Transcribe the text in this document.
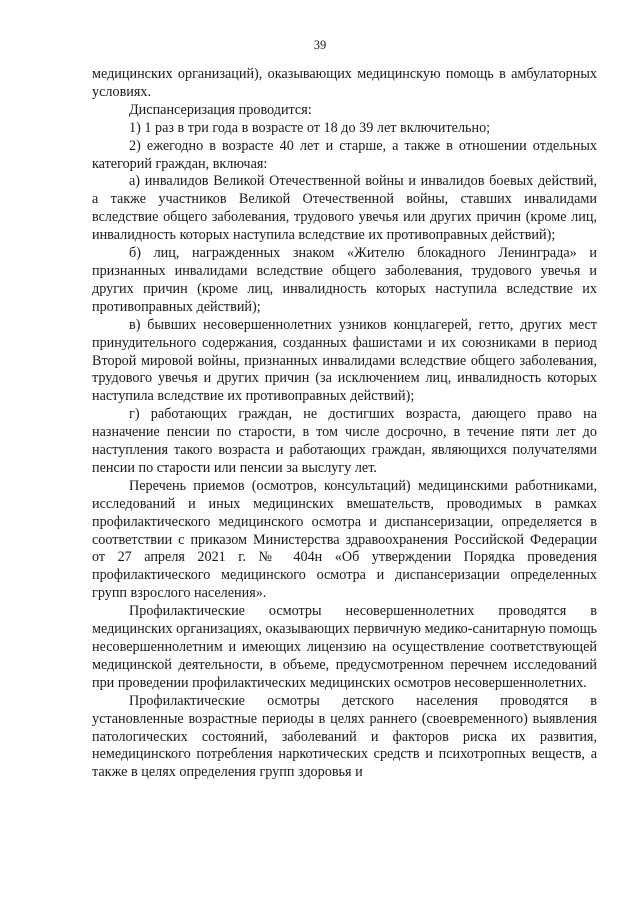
39

медицинских организаций), оказывающих медицинскую помощь в амбулаторных условиях.

Диспансеризация проводится:

1) 1 раз в три года в возрасте от 18 до 39 лет включительно;

2) ежегодно в возрасте 40 лет и старше, а также в отношении отдельных категорий граждан, включая:

а) инвалидов Великой Отечественной войны и инвалидов боевых действий, а также участников Великой Отечественной войны, ставших инвалидами вследствие общего заболевания, трудового увечья или других причин (кроме лиц, инвалидность которых наступила вследствие их противоправных действий);

б) лиц, награжденных знаком «Жителю блокадного Ленинграда» и признанных инвалидами вследствие общего заболевания, трудового увечья и других причин (кроме лиц, инвалидность которых наступила вследствие их противоправных действий);

в) бывших несовершеннолетних узников концлагерей, гетто, других мест принудительного содержания, созданных фашистами и их союзниками в период Второй мировой войны, признанных инвалидами вследствие общего заболевания, трудового увечья и других причин (за исключением лиц, инвалидность которых наступила вследствие их противоправных действий);

г) работающих граждан, не достигших возраста, дающего право на назначение пенсии по старости, в том числе досрочно, в течение пяти лет до наступления такого возраста и работающих граждан, являющихся получателями пенсии по старости или пенсии за выслугу лет.

Перечень приемов (осмотров, консультаций) медицинскими работниками, исследований и иных медицинских вмешательств, проводимых в рамках профилактического медицинского осмотра и диспансеризации, определяется в соответствии с приказом Министерства здравоохранения Российской Федерации от 27 апреля 2021 г. № 404н «Об утверждении Порядка проведения профилактического медицинского осмотра и диспансеризации определенных групп взрослого населения».

Профилактические осмотры несовершеннолетних проводятся в медицинских организациях, оказывающих первичную медико-санитарную помощь несовершеннолетним и имеющих лицензию на осуществление соответствующей медицинской деятельности, в объеме, предусмотренном перечнем исследований при проведении профилактических медицинских осмотров несовершеннолетних.

Профилактические осмотры детского населения проводятся в установленные возрастные периоды в целях раннего (своевременного) выявления патологических состояний, заболеваний и факторов риска их развития, немедицинского потребления наркотических средств и психотропных веществ, а также в целях определения групп здоровья и
